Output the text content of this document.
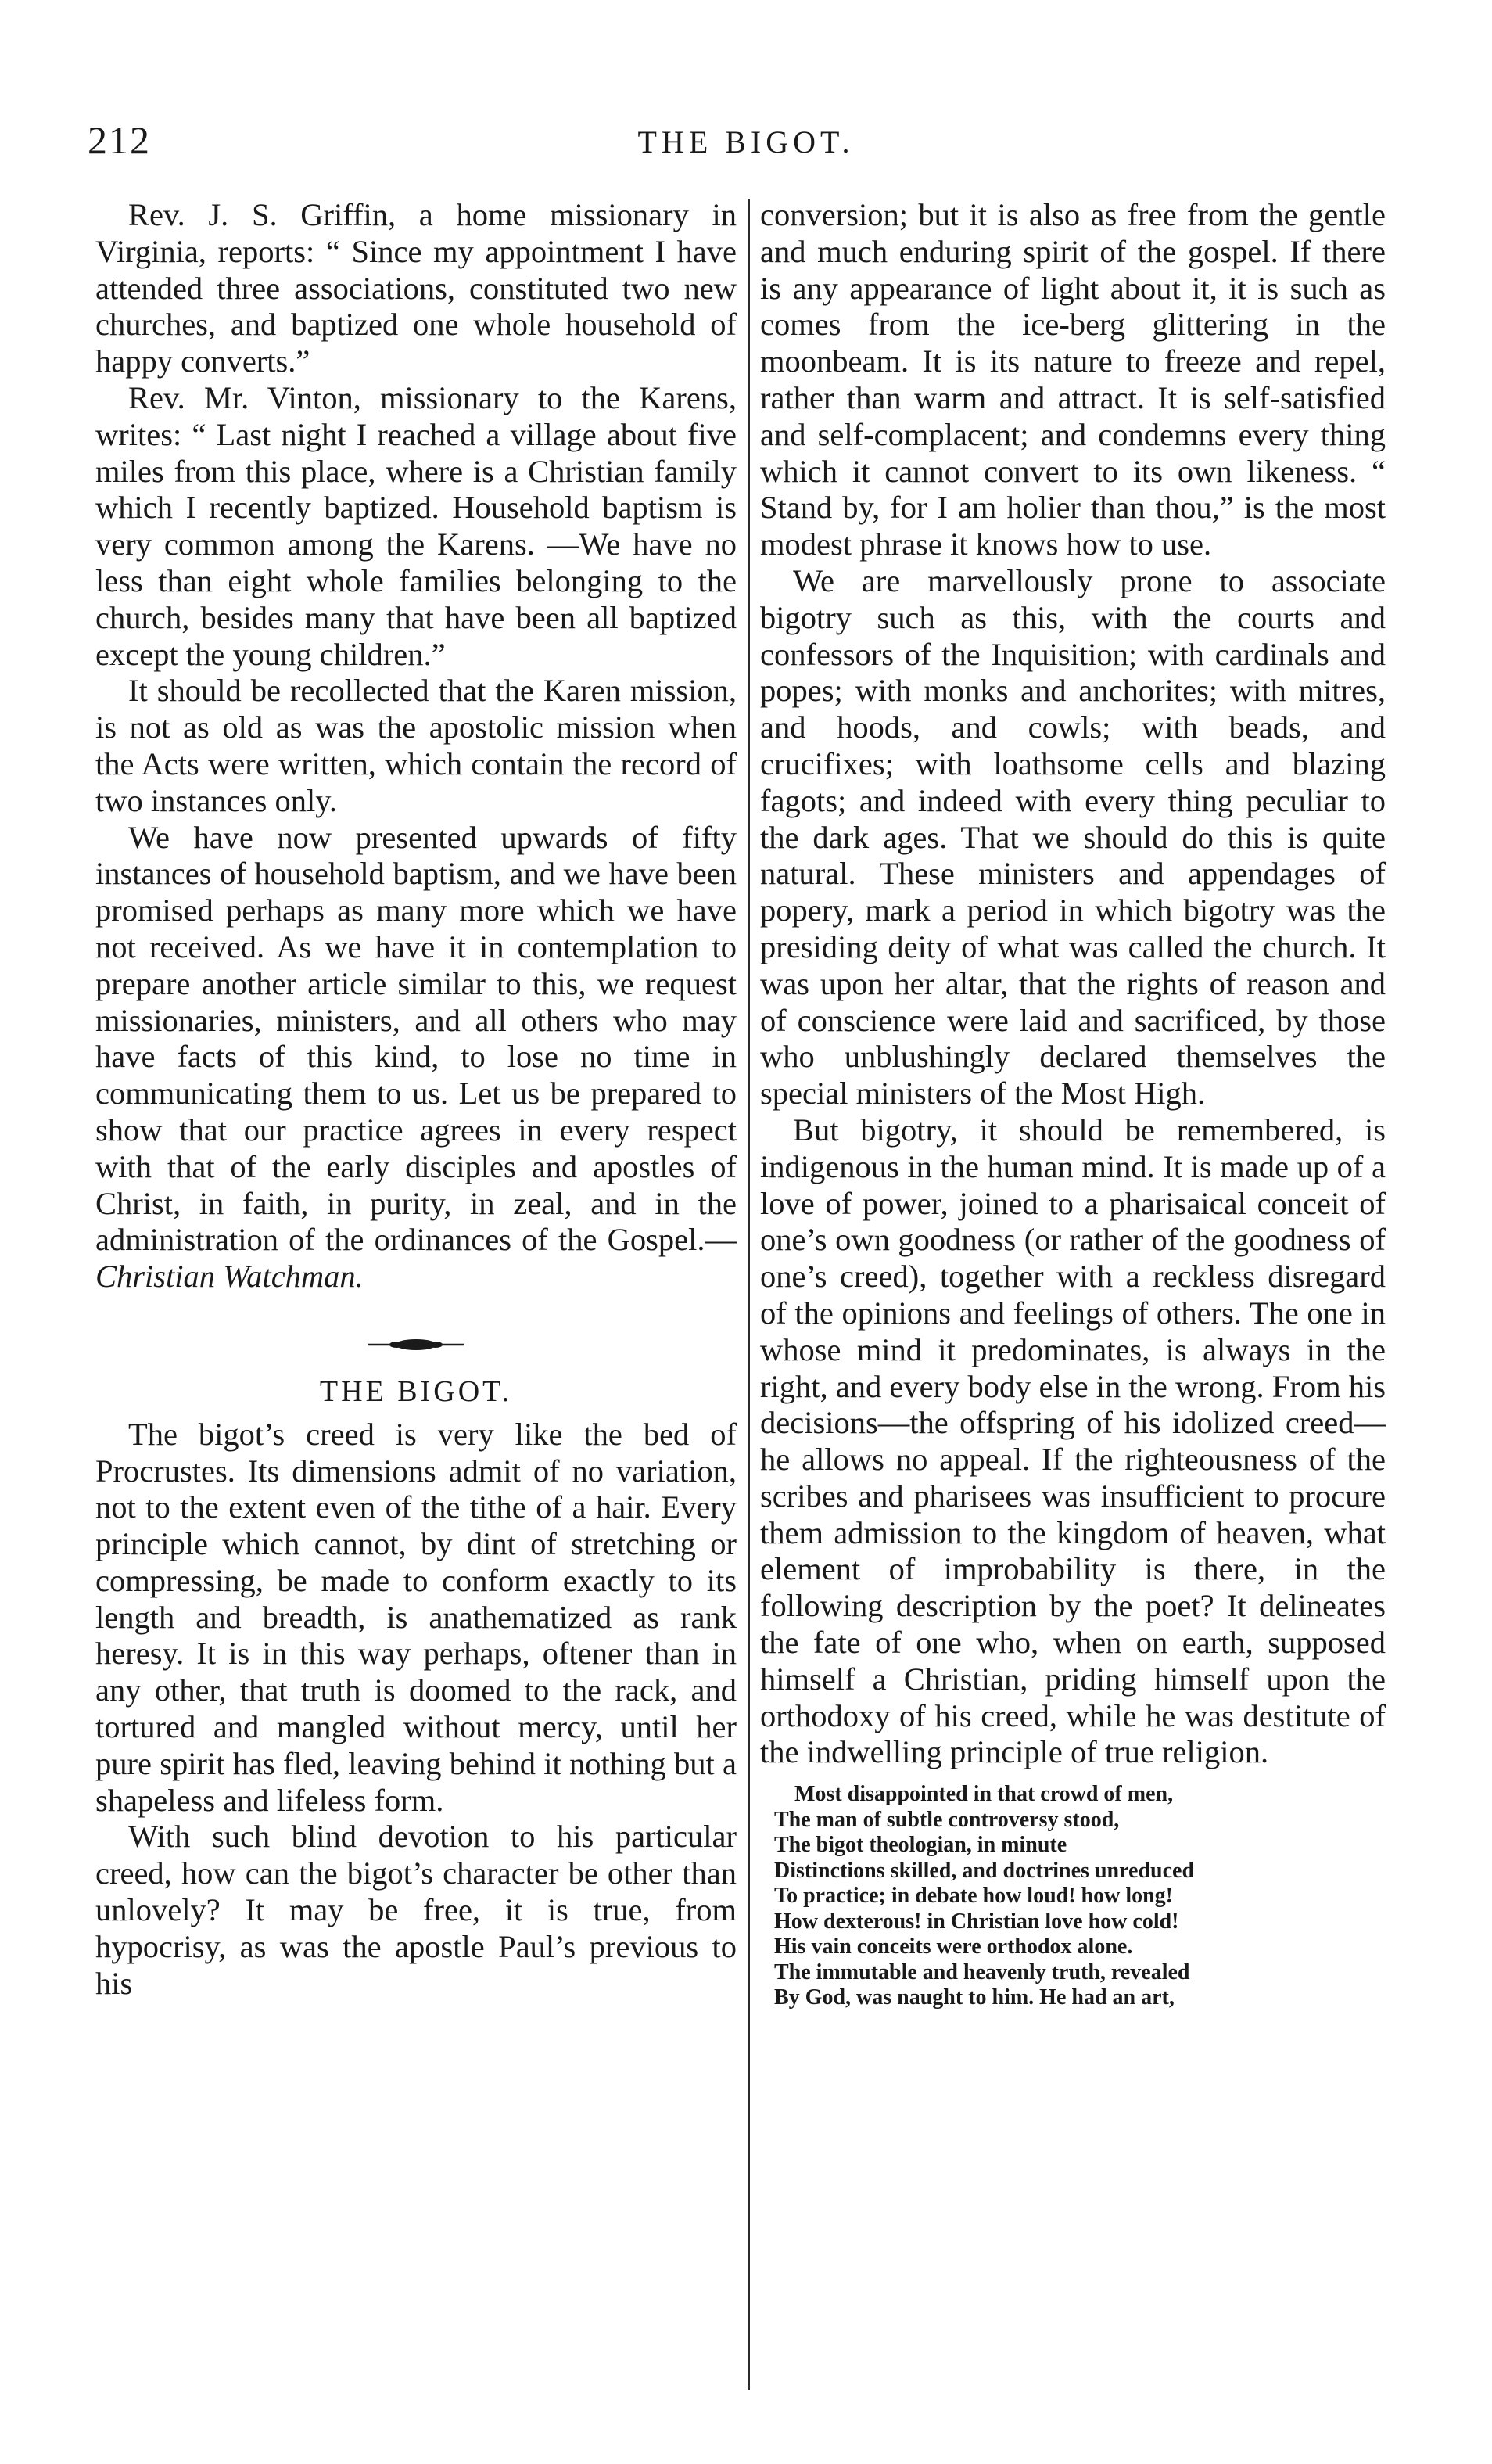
212	THE BIGOT.

Rev. J. S. Griffin, a home missionary in Virginia, reports: “ Since my appointment I have attended three associations, constituted two new churches, and baptized one whole household of happy converts.”

Rev. Mr. Vinton, missionary to the Karens, writes: “ Last night I reached a village about five miles from this place, where is a Christian family which I recently baptized. Household baptism is very common among the Karens. —We have no less than eight whole families belonging to the church, besides many that have been all baptized except the young children.”

It should be recollected that the Karen mission, is not as old as was the apostolic mission when the Acts were written, which contain the record of two instances only.

We have now presented upwards of fifty instances of household baptism, and we have been promised perhaps as many more which we have not received. As we have it in contemplation to prepare another article similar to this, we request missionaries, ministers, and all others who may have facts of this kind, to lose no time in communicating them to us. Let us be prepared to show that our practice agrees in every respect with that of the early disciples and apostles of Christ, in faith, in purity, in zeal, and in the administration of the ordinances of the Gospel.—Christian Watchman.

THE BIGOT.

The bigot’s creed is very like the bed of Procrustes. Its dimensions admit of no variation, not to the extent even of the tithe of a hair. Every principle which cannot, by dint of stretching or compressing, be made to conform exactly to its length and breadth, is anathematized as rank heresy. It is in this way perhaps, oftener than in any other, that truth is doomed to the rack, and tortured and mangled without mercy, until her pure spirit has fled, leaving behind it nothing but a shapeless and lifeless form.

With such blind devotion to his particular creed, how can the bigot’s character be other than unlovely? It may be free, it is true, from hypocrisy, as was the apostle Paul’s previous to his

conversion; but it is also as free from the gentle and much enduring spirit of the gospel. If there is any appearance of light about it, it is such as comes from the ice-berg glittering in the moonbeam. It is its nature to freeze and repel, rather than warm and attract. It is self-satisfied and self-complacent; and condemns every thing which it cannot convert to its own likeness. “ Stand by, for I am holier than thou,” is the most modest phrase it knows how to use.

We are marvellously prone to associate bigotry such as this, with the courts and confessors of the Inquisition; with cardinals and popes; with monks and anchorites; with mitres, and hoods, and cowls; with beads, and crucifixes; with loathsome cells and blazing fagots; and indeed with every thing peculiar to the dark ages. That we should do this is quite natural. These ministers and appendages of popery, mark a period in which bigotry was the presiding deity of what was called the church. It was upon her altar, that the rights of reason and of conscience were laid and sacrificed, by those who unblushingly declared themselves the special ministers of the Most High.

But bigotry, it should be remembered, is indigenous in the human mind. It is made up of a love of power, joined to a pharisaical conceit of one’s own goodness (or rather of the goodness of one’s creed), together with a reckless disregard of the opinions and feelings of others. The one in whose mind it predominates, is always in the right, and every body else in the wrong. From his decisions—the offspring of his idolized creed—he allows no appeal. If the righteousness of the scribes and pharisees was insufficient to procure them admission to the kingdom of heaven, what element of improbability is there, in the following description by the poet? It delineates the fate of one who, when on earth, supposed himself a Christian, priding himself upon the orthodoxy of his creed, while he was destitute of the indwelling principle of true religion.

Most disappointed in that crowd of men,
The man of subtle controversy stood,
The bigot theologian, in minute
Distinctions skilled, and doctrines unreduced
To practice; in debate how loud! how long!
How dexterous! in Christian love how cold!
His vain conceits were orthodox alone.
The immutable and heavenly truth, revealed
By God, was naught to him. He had an art,
